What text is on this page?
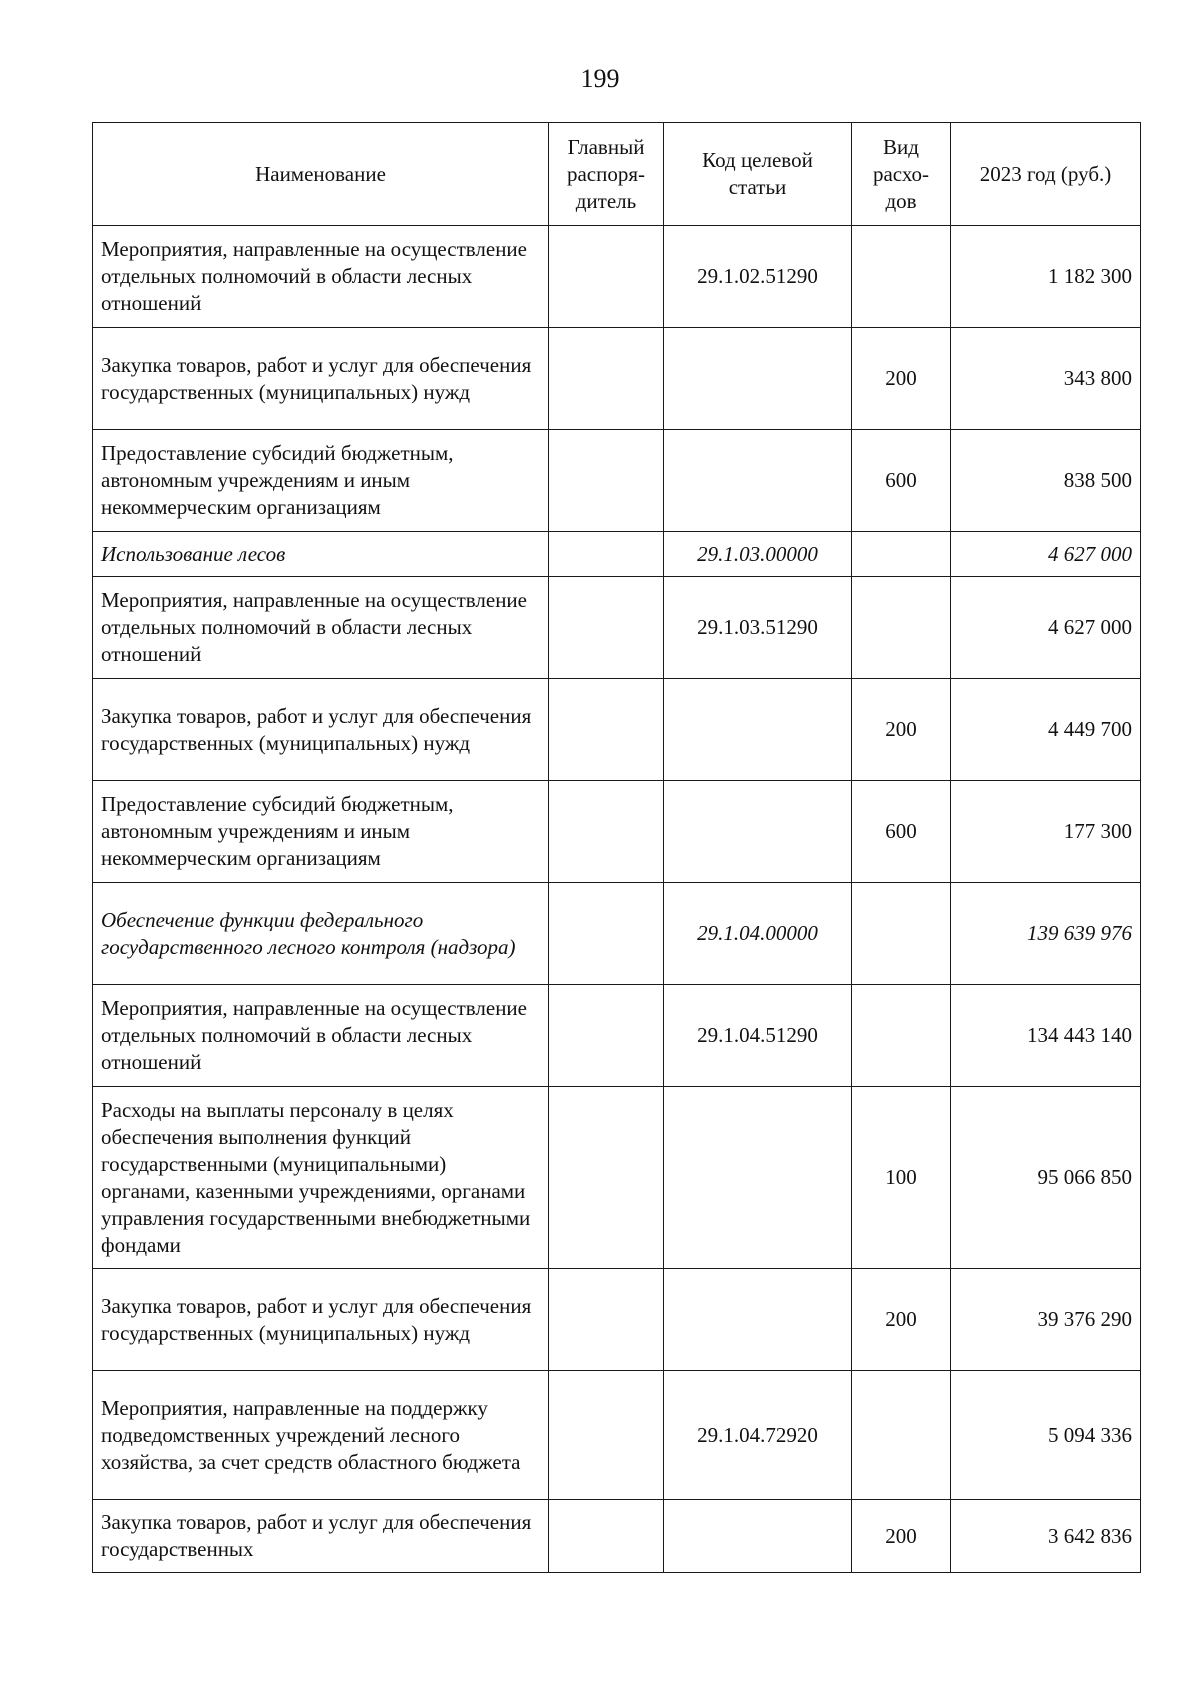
199
Наименование	Главный распоря-дитель	Код целевой статьи	Вид расхо-дов	2023 год (руб.)
Мероприятия, направленные на осуществление отдельных полномочий в области лесных отношений		29.1.02.51290		1 182 300
Закупка товаров, работ и услуг для обеспечения государственных (муниципальных) нужд			200	343 800
Предоставление субсидий бюджетным, автономным учреждениям и иным некоммерческим организациям			600	838 500
Использование лесов		29.1.03.00000		4 627 000
Мероприятия, направленные на осуществление отдельных полномочий в области лесных отношений		29.1.03.51290		4 627 000
Закупка товаров, работ и услуг для обеспечения государственных (муниципальных) нужд			200	4 449 700
Предоставление субсидий бюджетным, автономным учреждениям и иным некоммерческим организациям			600	177 300
Обеспечение функции федерального государственного лесного контроля (надзора)		29.1.04.00000		139 639 976
Мероприятия, направленные на осуществление отдельных полномочий в области лесных отношений		29.1.04.51290		134 443 140
Расходы на выплаты персоналу в целях обеспечения выполнения функций государственными (муниципальными) органами, казенными учреждениями, органами управления государственными внебюджетными фондами			100	95 066 850
Закупка товаров, работ и услуг для обеспечения государственных (муниципальных) нужд			200	39 376 290
Мероприятия, направленные на поддержку подведомственных учреждений лесного хозяйства, за счет средств областного бюджета		29.1.04.72920		5 094 336
Закупка товаров, работ и услуг для обеспечения государственных			200	3 642 836
